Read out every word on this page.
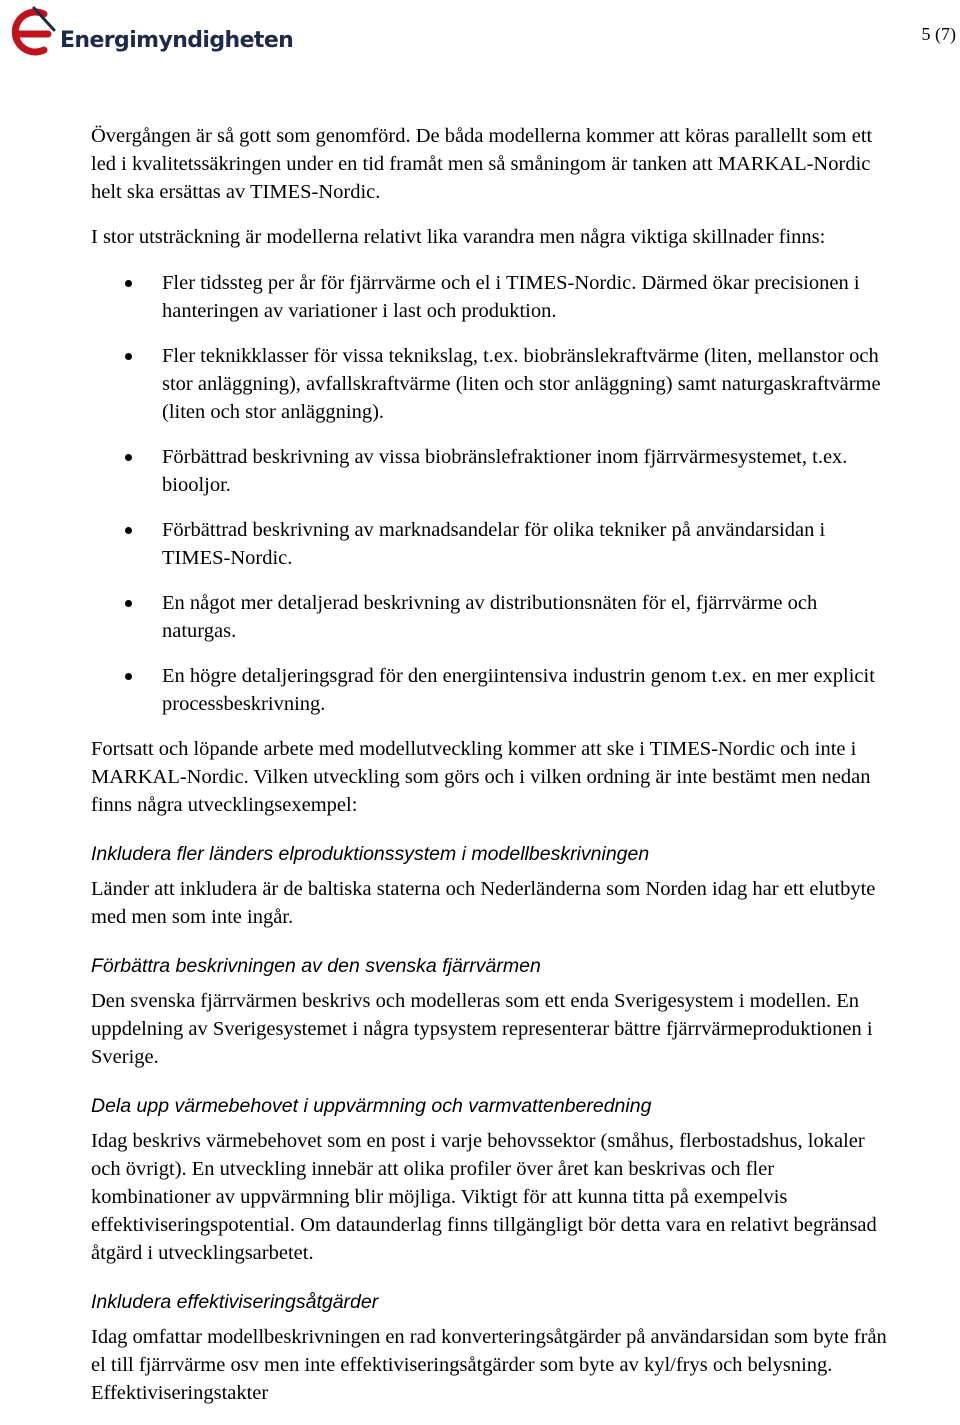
Energimyndigheten	5 (7)

Övergången är så gott som genomförd. De båda modellerna kommer att köras parallellt som ett led i kvalitetssäkringen under en tid framåt men så småningom är tanken att MARKAL-Nordic helt ska ersättas av TIMES-Nordic.

I stor utsträckning är modellerna relativt lika varandra men några viktiga skillnader finns:

Fler tidssteg per år för fjärrvärme och el i TIMES-Nordic. Därmed ökar precisionen i hanteringen av variationer i last och produktion.
Fler teknikklasser för vissa teknikslag, t.ex. biobränslekraftvärme (liten, mellanstor och stor anläggning), avfallskraftvärme (liten och stor anläggning) samt naturgaskraftvärme (liten och stor anläggning).
Förbättrad beskrivning av vissa biobränslefraktioner inom fjärrvärmesystemet, t.ex. biooljor.
Förbättrad beskrivning av marknadsandelar för olika tekniker på användarsidan i TIMES-Nordic.
En något mer detaljerad beskrivning av distributionsnäten för el, fjärrvärme och naturgas.
En högre detaljeringsgrad för den energiintensiva industrin genom t.ex. en mer explicit processbeskrivning.

Fortsatt och löpande arbete med modellutveckling kommer att ske i TIMES-Nordic och inte i MARKAL-Nordic. Vilken utveckling som görs och i vilken ordning är inte bestämt men nedan finns några utvecklingsexempel:

Inkludera fler länders elproduktionssystem i modellbeskrivningen

Länder att inkludera är de baltiska staterna och Nederländerna som Norden idag har ett elutbyte med men som inte ingår.

Förbättra beskrivningen av den svenska fjärrvärmen

Den svenska fjärrvärmen beskrivs och modelleras som ett enda Sverigesystem i modellen. En uppdelning av Sverigesystemet i några typsystem representerar bättre fjärrvärmeproduktionen i Sverige.

Dela upp värmebehovet i uppvärmning och varmvattenberedning

Idag beskrivs värmebehovet som en post i varje behovssektor (småhus, flerbostadshus, lokaler och övrigt). En utveckling innebär att olika profiler över året kan beskrivas och fler kombinationer av uppvärmning blir möjliga. Viktigt för att kunna titta på exempelvis effektiviseringspotential. Om dataunderlag finns tillgängligt bör detta vara en relativt begränsad åtgärd i utvecklingsarbetet.

Inkludera effektiviseringsåtgärder

Idag omfattar modellbeskrivningen en rad konverteringsåtgärder på användarsidan som byte från el till fjärrvärme osv men inte effektiviseringsåtgärder som byte av kyl/frys och belysning. Effektiviseringstakter
